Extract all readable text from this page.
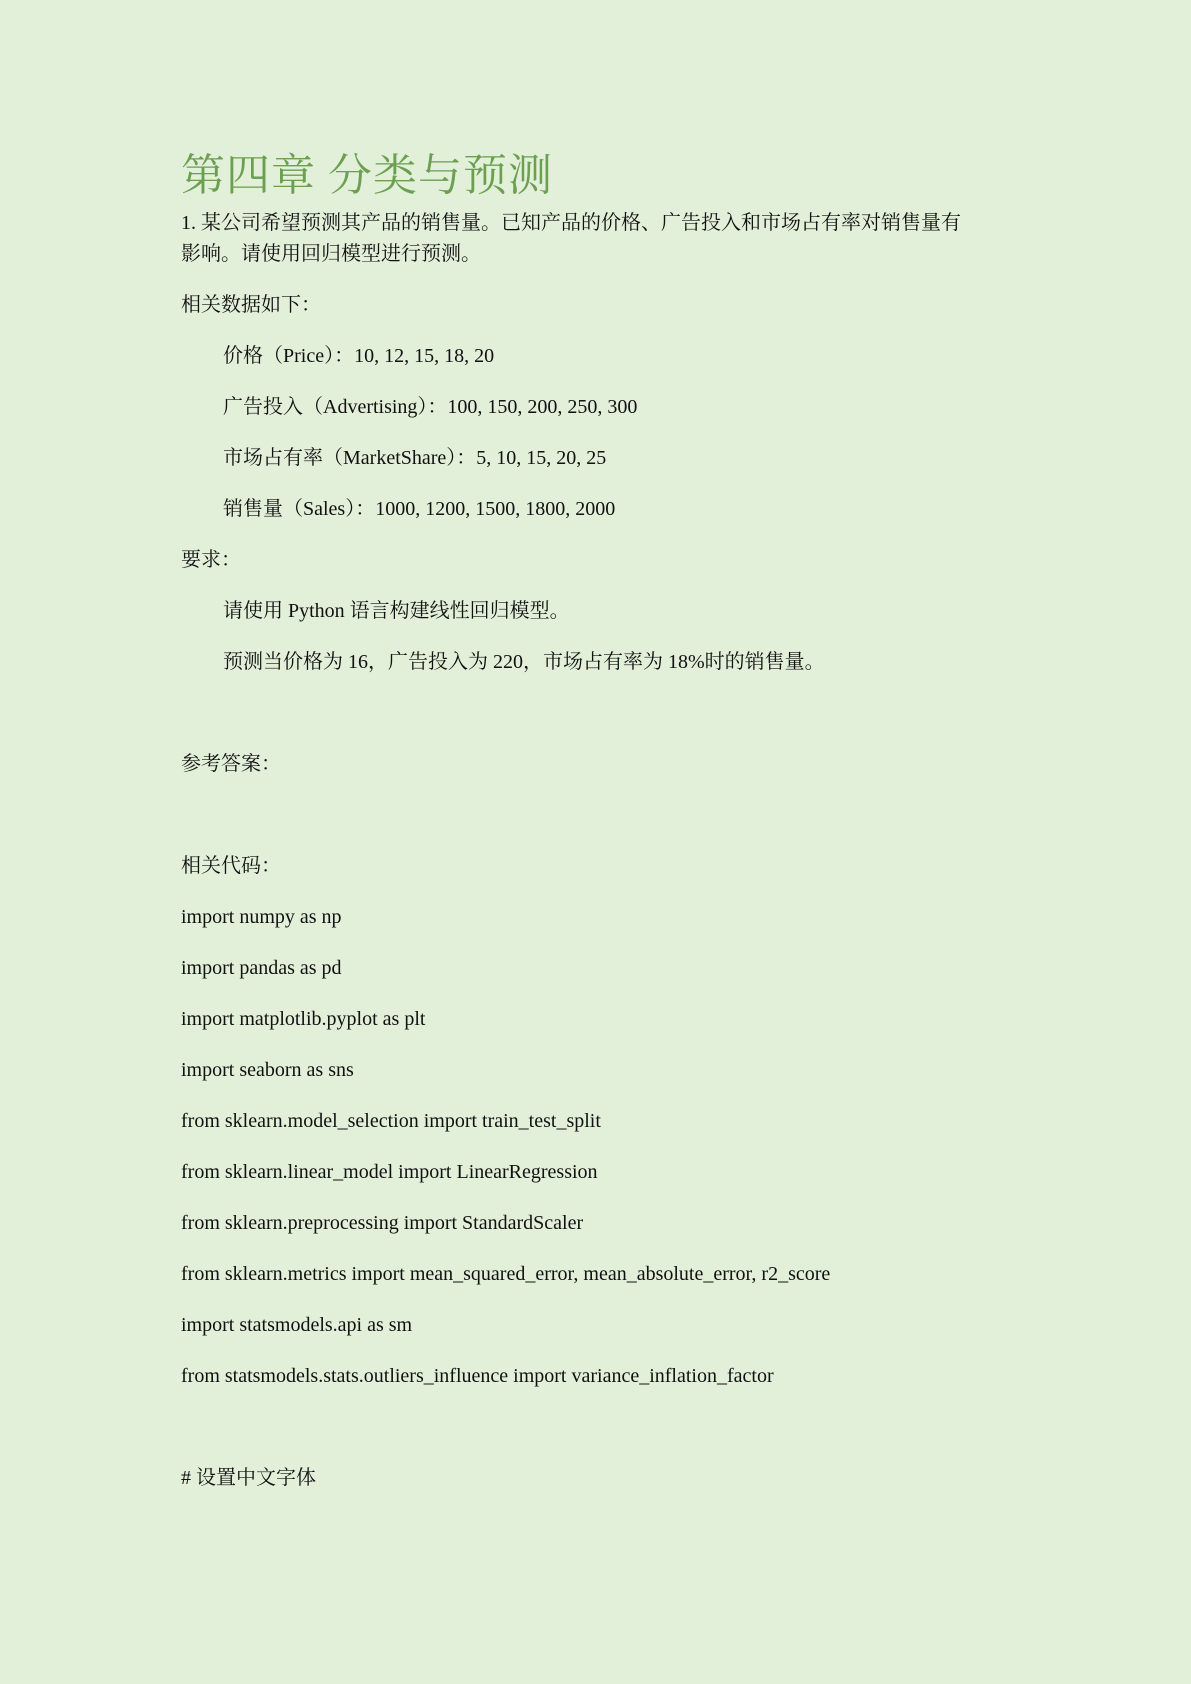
第四章 分类与预测

1. 某公司希望预测其产品的销售量。已知产品的价格、广告投入和市场占有率对销售量有

影响。请使用回归模型进行预测。

相关数据如下：

价格（Price）：10, 12, 15, 18, 20

广告投入（Advertising）：100, 150, 200, 250, 300

市场占有率（MarketShare）：5, 10, 15, 20, 25

销售量（Sales）：1000, 1200, 1500, 1800, 2000

要求：

请使用 Python 语言构建线性回归模型。

预测当价格为 16，广告投入为 220，市场占有率为 18%时的销售量。

参考答案：

相关代码：

import numpy as np

import pandas as pd

import matplotlib.pyplot as plt

import seaborn as sns

from sklearn.model_selection import train_test_split

from sklearn.linear_model import LinearRegression

from sklearn.preprocessing import StandardScaler

from sklearn.metrics import mean_squared_error, mean_absolute_error, r2_score

import statsmodels.api as sm

from statsmodels.stats.outliers_influence import variance_inflation_factor

# 设置中文字体
